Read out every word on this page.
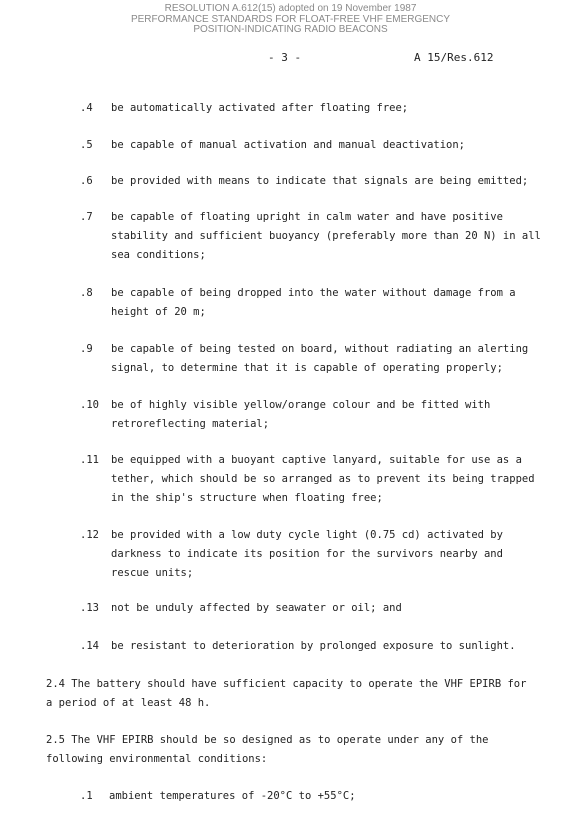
RESOLUTION A.612(15) adopted on 19 November 1987
PERFORMANCE STANDARDS FOR FLOAT-FREE VHF EMERGENCY
POSITION-INDICATING RADIO BEACONS
- 3 -	A 15/Res.612
.4 be automatically activated after floating free;
.5 be capable of manual activation and manual deactivation;
.6 be provided with means to indicate that signals are being emitted;
.7 be capable of floating upright in calm water and have positive
stability and sufficient buoyancy (preferably more than 20 N) in all
sea conditions;
.8 be capable of being dropped into the water without damage from a
height of 20 m;
.9 be capable of being tested on board, without radiating an alerting
signal, to determine that it is capable of operating properly;
.10 be of highly visible yellow/orange colour and be fitted with
retroreflecting material;
.11 be equipped with a buoyant captive lanyard, suitable for use as a
tether, which should be so arranged as to prevent its being trapped
in the ship's structure when floating free;
.12 be provided with a low duty cycle light (0.75 cd) activated by
darkness to indicate its position for the survivors nearby and
rescue units;
.13 not be unduly affected by seawater or oil; and
.14 be resistant to deterioration by prolonged exposure to sunlight.
2.4 The battery should have sufficient capacity to operate the VHF EPIRB for
a period of at least 48 h.
2.5 The VHF EPIRB should be so designed as to operate under any of the
following environmental conditions:
.1 ambient temperatures of -20°C to +55°C;
